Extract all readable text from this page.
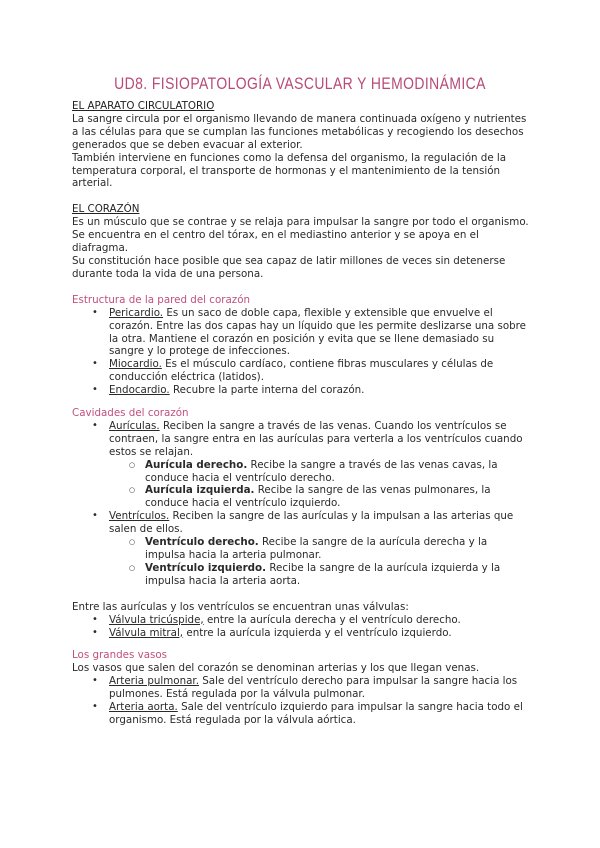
UD8. FISIOPATOLOGÍA VASCULAR Y HEMODINÁMICA
EL APARATO CIRCULATORIO

La sangre circula por el organismo llevando de manera continuada oxígeno y nutrientes a las células para que se cumplan las funciones metabólicas y recogiendo los desechos generados que se deben evacuar al exterior.

También interviene en funciones como la defensa del organismo, la regulación de la temperatura corporal, el transporte de hormonas y el mantenimiento de la tensión arterial.

EL CORAZÓN

Es un músculo que se contrae y se relaja para impulsar la sangre por todo el organismo.

Se encuentra en el centro del tórax, en el mediastino anterior y se apoya en el diafragma.

Su constitución hace posible que sea capaz de latir millones de veces sin detenerse durante toda la vida de una persona.

Estructura de la pared del corazón
• Pericardio. Es un saco de doble capa, flexible y extensible que envuelve el corazón. Entre las dos capas hay un líquido que les permite deslizarse una sobre la otra. Mantiene el corazón en posición y evita que se llene demasiado su sangre y lo protege de infecciones.
• Miocardio. Es el músculo cardíaco, contiene fibras musculares y células de conducción eléctrica (latidos).
• Endocardio. Recubre la parte interna del corazón.
Cavidades del corazón
• Aurículas. Reciben la sangre a través de las venas. Cuando los ventrículos se contraen, la sangre entra en las aurículas para verterla a los ventrículos cuando estos se relajan.
○ Aurícula derecho. Recibe la sangre a través de las venas cavas, la conduce hacia el ventrículo derecho.
○ Aurícula izquierda. Recibe la sangre de las venas pulmonares, la conduce hacia el ventrículo izquierdo.
• Ventrículos. Reciben la sangre de las aurículas y la impulsan a las arterias que salen de ellos.
○ Ventrículo derecho. Recibe la sangre de la aurícula derecha y la impulsa hacia la arteria pulmonar.
○ Ventrículo izquierdo. Recibe la sangre de la aurícula izquierda y la impulsa hacia la arteria aorta.

Entre las aurículas y los ventrículos se encuentran unas válvulas:

• Válvula tricúspide, entre la aurícula derecha y el ventrículo derecho.
• Válvula mitral, entre la aurícula izquierda y el ventrículo izquierdo.
Los grandes vasos

Los vasos que salen del corazón se denominan arterias y los que llegan venas.

• Arteria pulmonar. Sale del ventrículo derecho para impulsar la sangre hacia los pulmones. Está regulada por la válvula pulmonar.
• Arteria aorta. Sale del ventrículo izquierdo para impulsar la sangre hacia todo el organismo. Está regulada por la válvula aórtica.
